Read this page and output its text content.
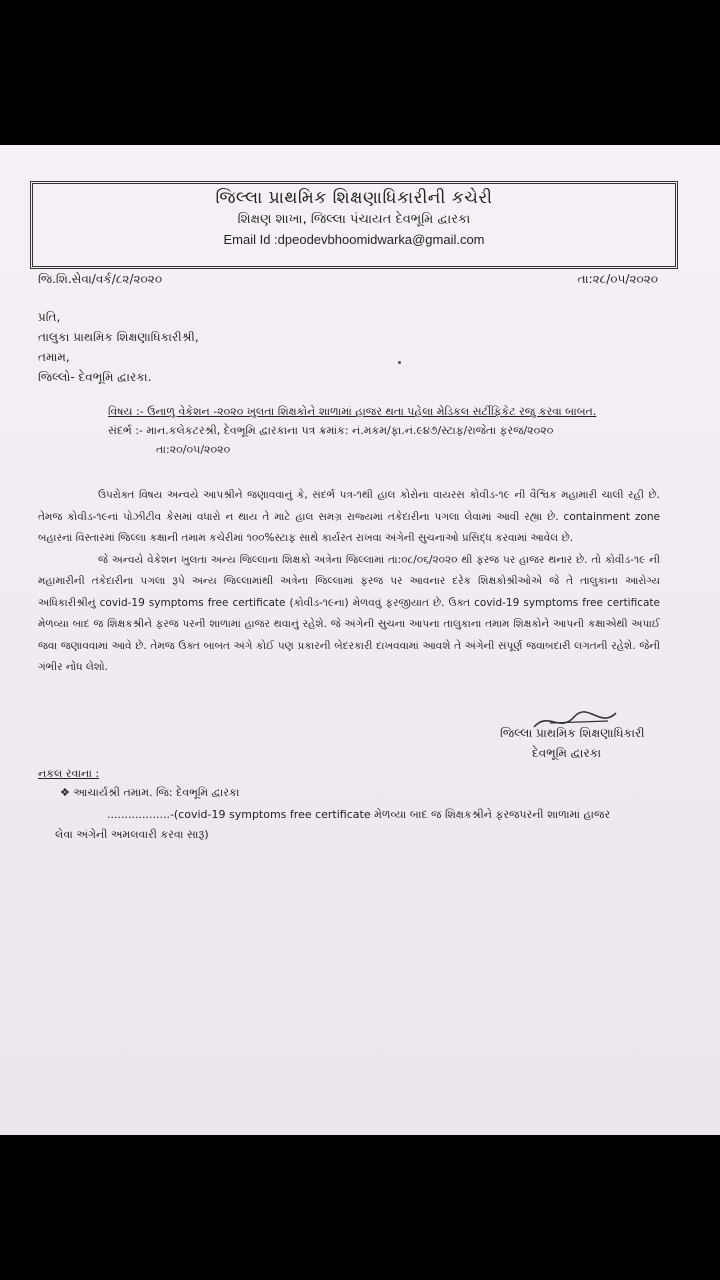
જિલ્લા પ્રાથમિક શિક્ષણાધિકારીની કચેરી
શિક્ષણ શાખા, જિલ્લા પંચાયત દેવભૂમિ દ્વારકા
Email Id :dpeodevbhoomidwarka@gmail.com
જિ.શિ.સેવા/વર્ક/૮૨/૨૦૨૦	તા:૨૮/૦૫/૨૦૨૦
પ્રતિ,
તાલુકા પ્રાથમિક શિક્ષણાધિકારીશ્રી,
તમામ,
જિલ્લો- દેવભૂમિ દ્વારકા.
વિષય :- ઉનાળુ વેકેશન -૨૦૨૦ ખુલતા શિક્ષકોને શાળામાં હાજર થતા પહેલા મેડિકલ સર્ટીફિકેટ રજુ કરવા બાબત.
સંદર્ભ :- માન.કલેકટરશ્રી, દેવભૂમિ દ્વારકાના પત્ર ક્રમાંક: નં.મકમ/ફા.નં.૯૪૭/સ્ટાફ/રાજેતા ફરજ/૨૦૨૦
તા:૨૦/૦૫/૨૦૨૦

ઉપરોક્ત વિષય અન્વયે આપશ્રીને જણાવવાનું કે, સંદર્ભ પત્ર-૧થી હાલ કોરોના વાયરસ કોવીડ-૧૯ ની વૈશ્વિક મહામારી ચાલી રહી છે. તેમજ કોવીડ-૧૯નાં પોઝીટીવ કેસમાં વધારો ન થાય તે માટે હાલ સમગ્ર રાજ્યમાં તકેદારીના પગલા લેવામાં આવી રહ્યા છે. containment zone બહારનાં વિસ્તારમાં જિલ્લા કક્ષાની તમામ કચેરીમાં ૧૦૦%સ્ટાફ સાથે કાર્યરત રાખવા અંગેની સુચનાઓ પ્રસિદ્ધ કરવામાં આવેલ છે.

જે અન્વયે વેકેશન ખુલતા અન્ય જિલ્લાના શિક્ષકો અત્રેના જિલ્લામાં તા:૦૮/૦૬/૨૦૨૦ થી ફરજ પર હાજર થનાર છે. તો કોવીડ-૧૯ ની મહામારીની તકેદારીના પગલા રૂપે અન્ય જિલ્લામાંથી અત્રેના જિલ્લામાં ફરજ પર આવનાર દરેક શિક્ષકોશ્રીઓએ જે તે તાલુકાના આરોગ્ય અધિકારીશ્રીનું covid-19 symptoms free certificate (કોવીડ-૧૯ના) મેળવવું ફરજીયાત છે. ઉક્ત covid-19 symptoms free certificate મેળવ્યા બાદ જ શિક્ષકશ્રીને ફરજ પરની શાળામાં હાજર થવાનું રહેશે. જે અંગેની સુચના આપના તાલુકાના તમામ શિક્ષકોને આપની કક્ષાએથી અપાઈ જવા જણાવવામાં આવે છે. તેમજ ઉક્ત બાબત અંગે કોઈ પણ પ્રકારની બેદરકારી દાખવવામાં આવશે તે અંગેની સંપૂર્ણ જવાબદારી લગતની રહેશે. જેની ગંભીર નોંધ લેશો.

જિલ્લા પ્રાથમિક શિક્ષણાધિકારી
દેવભૂમિ દ્વારકા
નકલ રવાના :
❖ આચાર્યશ્રી તમામ. જિ: દેવભૂમિ દ્વારકા
..................-(covid-19 symptoms free certificate મેળવ્યા બાદ જ શિક્ષકશ્રીને ફરજપરની શાળામાં હાજર
લેવા અંગેની અમલવારી કરવા સારૂ)
